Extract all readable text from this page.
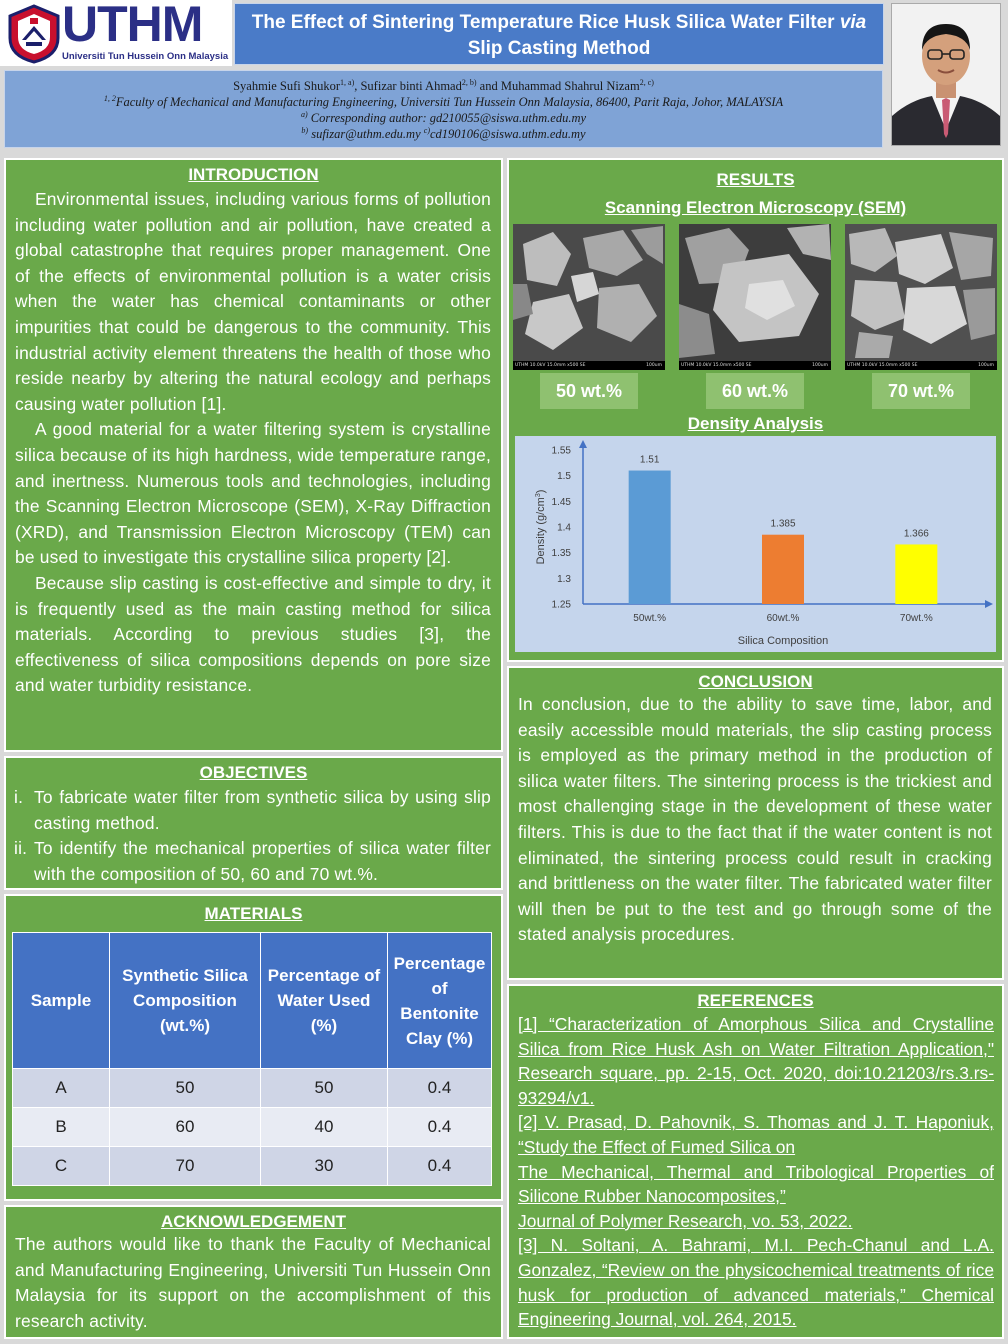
UTHM
Universiti Tun Hussein Onn Malaysia
The Effect of Sintering Temperature Rice Husk Silica Water Filter via
Slip Casting Method
Syahmie Sufi Shukor$^{1, a)}$, Sufizar binti Ahmad$^{2, b)}$ and Muhammad Shahrul Nizam$^{2, c)}$
$^{1, 2}$Faculty of Mechanical and Manufacturing Engineering, Universiti Tun Hussein Onn Malaysia, 86400, Parit Raja, Johor, MALAYSIA
$^{a)}$ Corresponding author: gd210055@siswa.uthm.edu.my
$^{b)}$ sufizar@uthm.edu.my $^{c)}$cd190106@siswa.uthm.edu.my
INTRODUCTION

Environmental issues, including various forms of pollution including water pollution and air pollution, have created a global catastrophe that requires proper management. One of the effects of environmental pollution is a water crisis when the water has chemical contaminants or other impurities that could be dangerous to the community. This industrial activity element threatens the health of those who reside nearby by altering the natural ecology and perhaps causing water pollution [1].

A good material for a water filtering system is crystalline silica because of its high hardness, wide temperature range, and inertness. Numerous tools and technologies, including the Scanning Electron Microscope (SEM), X-Ray Diffraction (XRD), and Transmission Electron Microscopy (TEM) can be used to investigate this crystalline silica property [2].

Because slip casting is cost-effective and simple to dry, it is frequently used as the main casting method for silica materials. According to previous studies [3], the effectiveness of silica compositions depends on pore size and water turbidity resistance.

OBJECTIVES
i. To fabricate water filter from synthetic silica by using slip casting method.
ii. To identify the mechanical properties of silica water filter with the composition of 50, 60 and 70 wt.%.
MATERIALS
Sample	Synthetic Silica Composition (wt.%)	Percentage of Water Used (%)	Percentage of Bentonite Clay (%)
A	50	50	0.4
B	60	40	0.4
C	70	30	0.4
ACKNOWLEDGEMENT
The authors would like to thank the Faculty of Mechanical and Manufacturing Engineering, Universiti Tun Hussein Onn Malaysia for its support on the accomplishment of this research activity.
RESULTS
Scanning Electron Microscopy (SEM)
UTHM 10.0kV 15.0mm x500 SE	100um	UTHM 10.0kV 15.0mm x500 SE	100um	UTHM 10.0kV 15.0mm x500 SE	100um
50 wt.%	60 wt.%	70 wt.%
Density Analysis
1.25
1.3
1.35
1.4
1.45
1.5
1.55
1.51
50wt.%
1.385
60wt.%
1.366
70wt.%
Silica Composition
Density $(g/cm^3)$
CONCLUSION
In conclusion, due to the ability to save time, labor, and easily accessible mould materials, the slip casting process is employed as the primary method in the production of silica water filters. The sintering process is the trickiest and most challenging stage in the development of these water filters. This is due to the fact that if the water content is not eliminated, the sintering process could result in cracking and brittleness on the water filter. The fabricated water filter will then be put to the test and go through some of the stated analysis procedures.
REFERENCES
[1] “Characterization of Amorphous Silica and Crystalline Silica from Rice Husk Ash on Water Filtration Application," Research square, pp. 2-15, Oct. 2020, doi:10.21203/rs.3.rs-93294/v1.
[2] V. Prasad, D. Pahovnik, S. Thomas and J. T. Haponiuk, “Study the Effect of Fumed Silica on
The Mechanical, Thermal and Tribological Properties of Silicone Rubber Nanocomposites,”
Journal of Polymer Research, vo. 53, 2022.
[3] N. Soltani, A. Bahrami, M.I. Pech-Chanul and L.A. Gonzalez, “Review on the physicochemical treatments of rice husk for production of advanced materials,” Chemical Engineering Journal, vol. 264, 2015.
